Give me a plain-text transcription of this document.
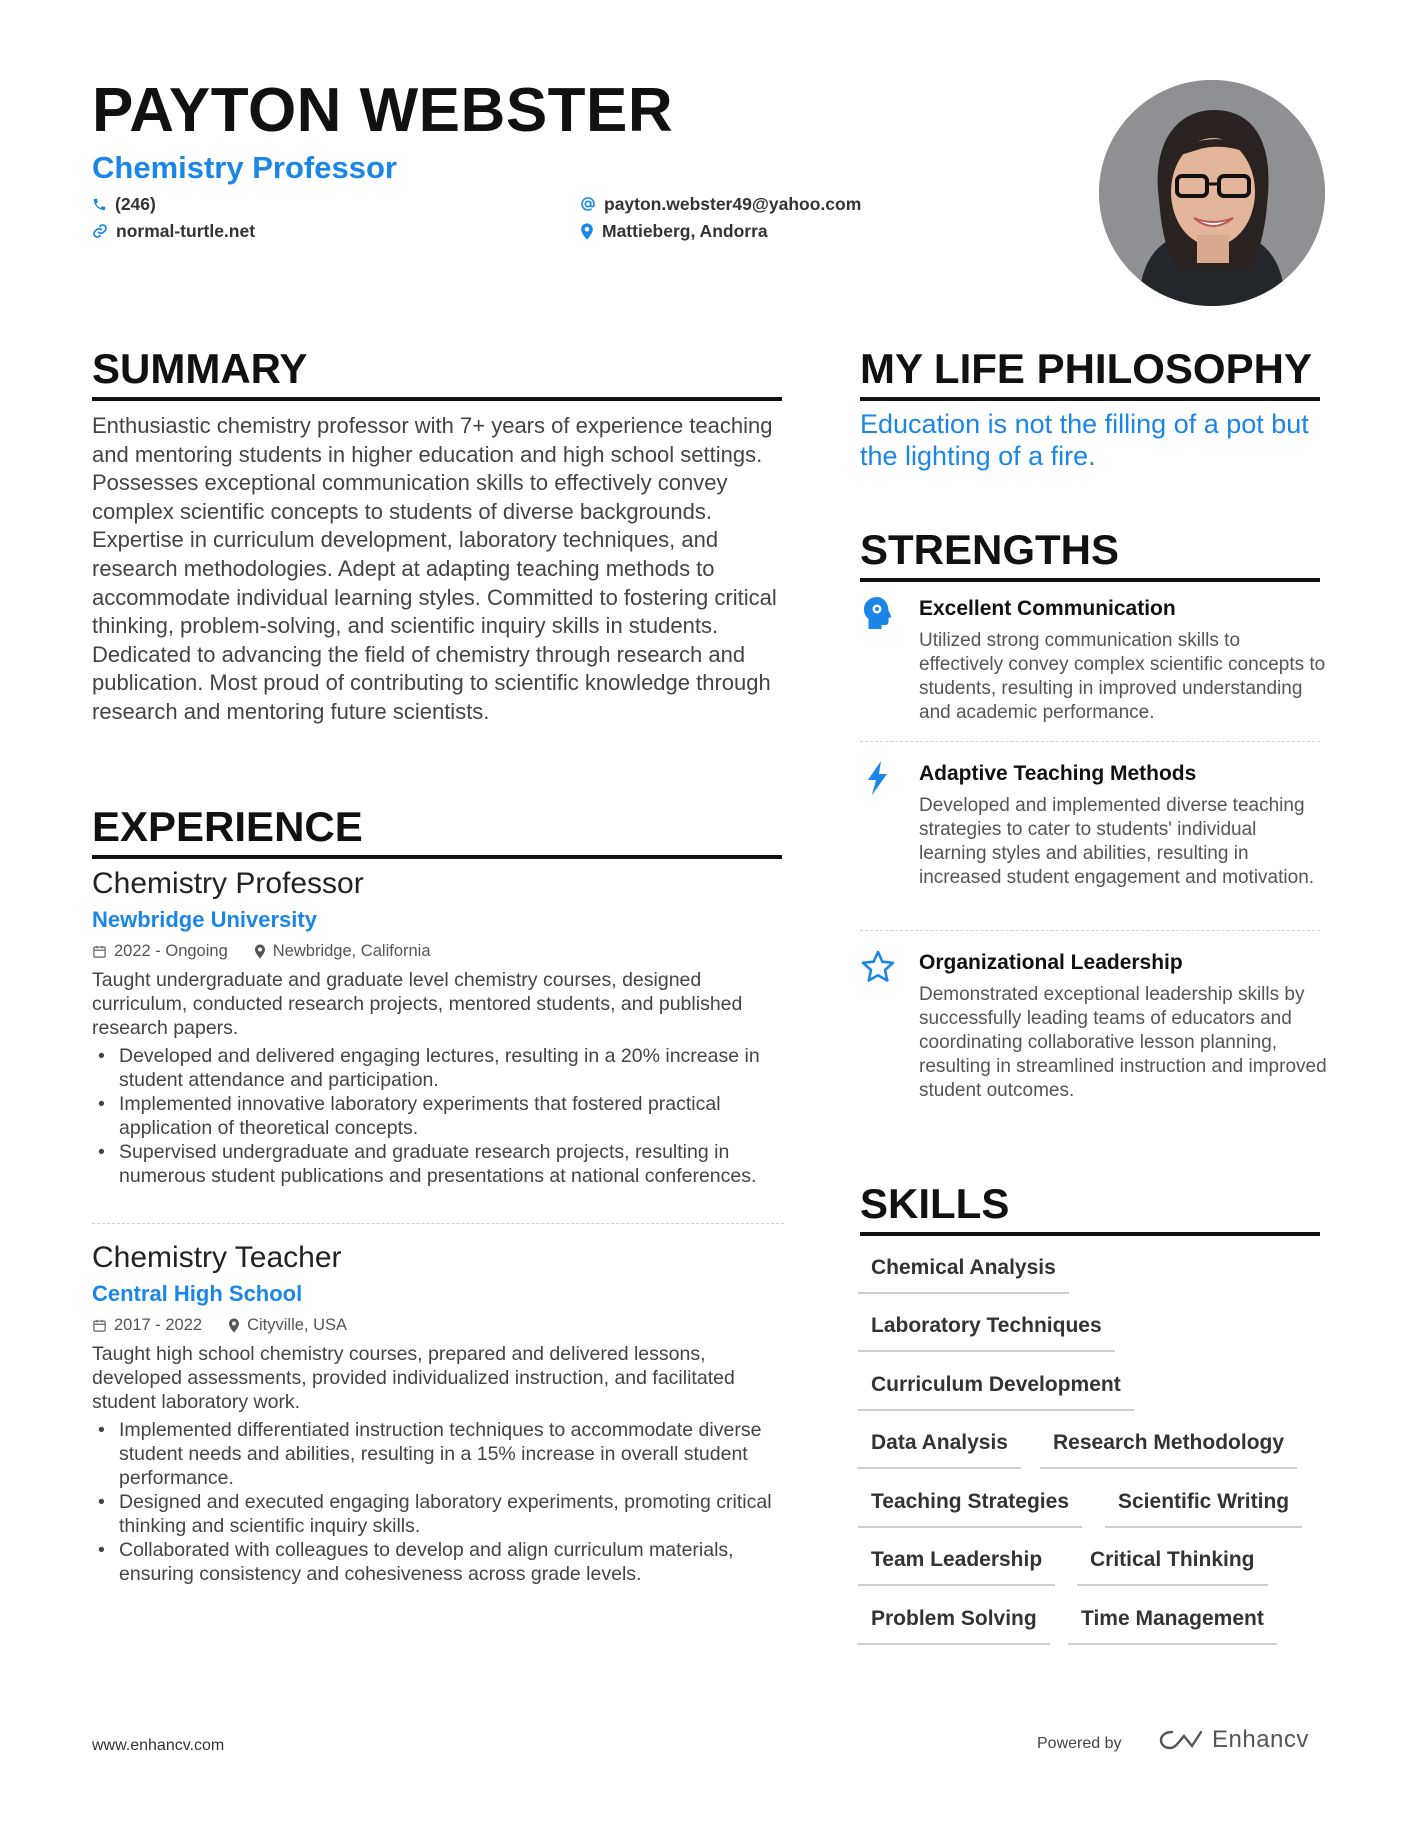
PAYTON WEBSTER
Chemistry Professor
(246)
normal-turtle.net
payton.webster49@yahoo.com
Mattieberg, Andorra
SUMMARY

Enthusiastic chemistry professor with 7+ years of experience teaching and mentoring students in higher education and high school settings. Possesses exceptional communication skills to effectively convey complex scientific concepts to students of diverse backgrounds. Expertise in curriculum development, laboratory techniques, and research methodologies. Adept at adapting teaching methods to accommodate individual learning styles. Committed to fostering critical thinking, problem-solving, and scientific inquiry skills in students. Dedicated to advancing the field of chemistry through research and publication. Most proud of contributing to scientific knowledge through research and mentoring future scientists.

EXPERIENCE
Chemistry Professor
Newbridge University
2022 - Ongoing	Newbridge, California
Taught undergraduate and graduate level chemistry courses, designed curriculum, conducted research projects, mentored students, and published research papers.
• Developed and delivered engaging lectures, resulting in a 20% increase in student attendance and participation.
• Implemented innovative laboratory experiments that fostered practical application of theoretical concepts.
• Supervised undergraduate and graduate research projects, resulting in numerous student publications and presentations at national conferences.
Chemistry Teacher
Central High School
2017 - 2022	Cityville, USA
Taught high school chemistry courses, prepared and delivered lessons, developed assessments, provided individualized instruction, and facilitated student laboratory work.
• Implemented differentiated instruction techniques to accommodate diverse student needs and abilities, resulting in a 15% increase in overall student performance.
• Designed and executed engaging laboratory experiments, promoting critical thinking and scientific inquiry skills.
• Collaborated with colleagues to develop and align curriculum materials, ensuring consistency and cohesiveness across grade levels.
MY LIFE PHILOSOPHY

Education is not the filling of a pot but the lighting of a fire.

STRENGTHS
Excellent Communication
Utilized strong communication skills to effectively convey complex scientific concepts to students, resulting in improved understanding and academic performance.
Adaptive Teaching Methods
Developed and implemented diverse teaching strategies to cater to students' individual learning styles and abilities, resulting in increased student engagement and motivation.
Organizational Leadership
Demonstrated exceptional leadership skills by successfully leading teams of educators and coordinating collaborative lesson planning, resulting in streamlined instruction and improved student outcomes.
SKILLS
Chemical Analysis
Laboratory Techniques
Curriculum Development
Data Analysis	Research Methodology
Teaching Strategies	Scientific Writing
Team Leadership	Critical Thinking
Problem Solving	Time Management
www.enhancv.com	Powered by	Enhancv
